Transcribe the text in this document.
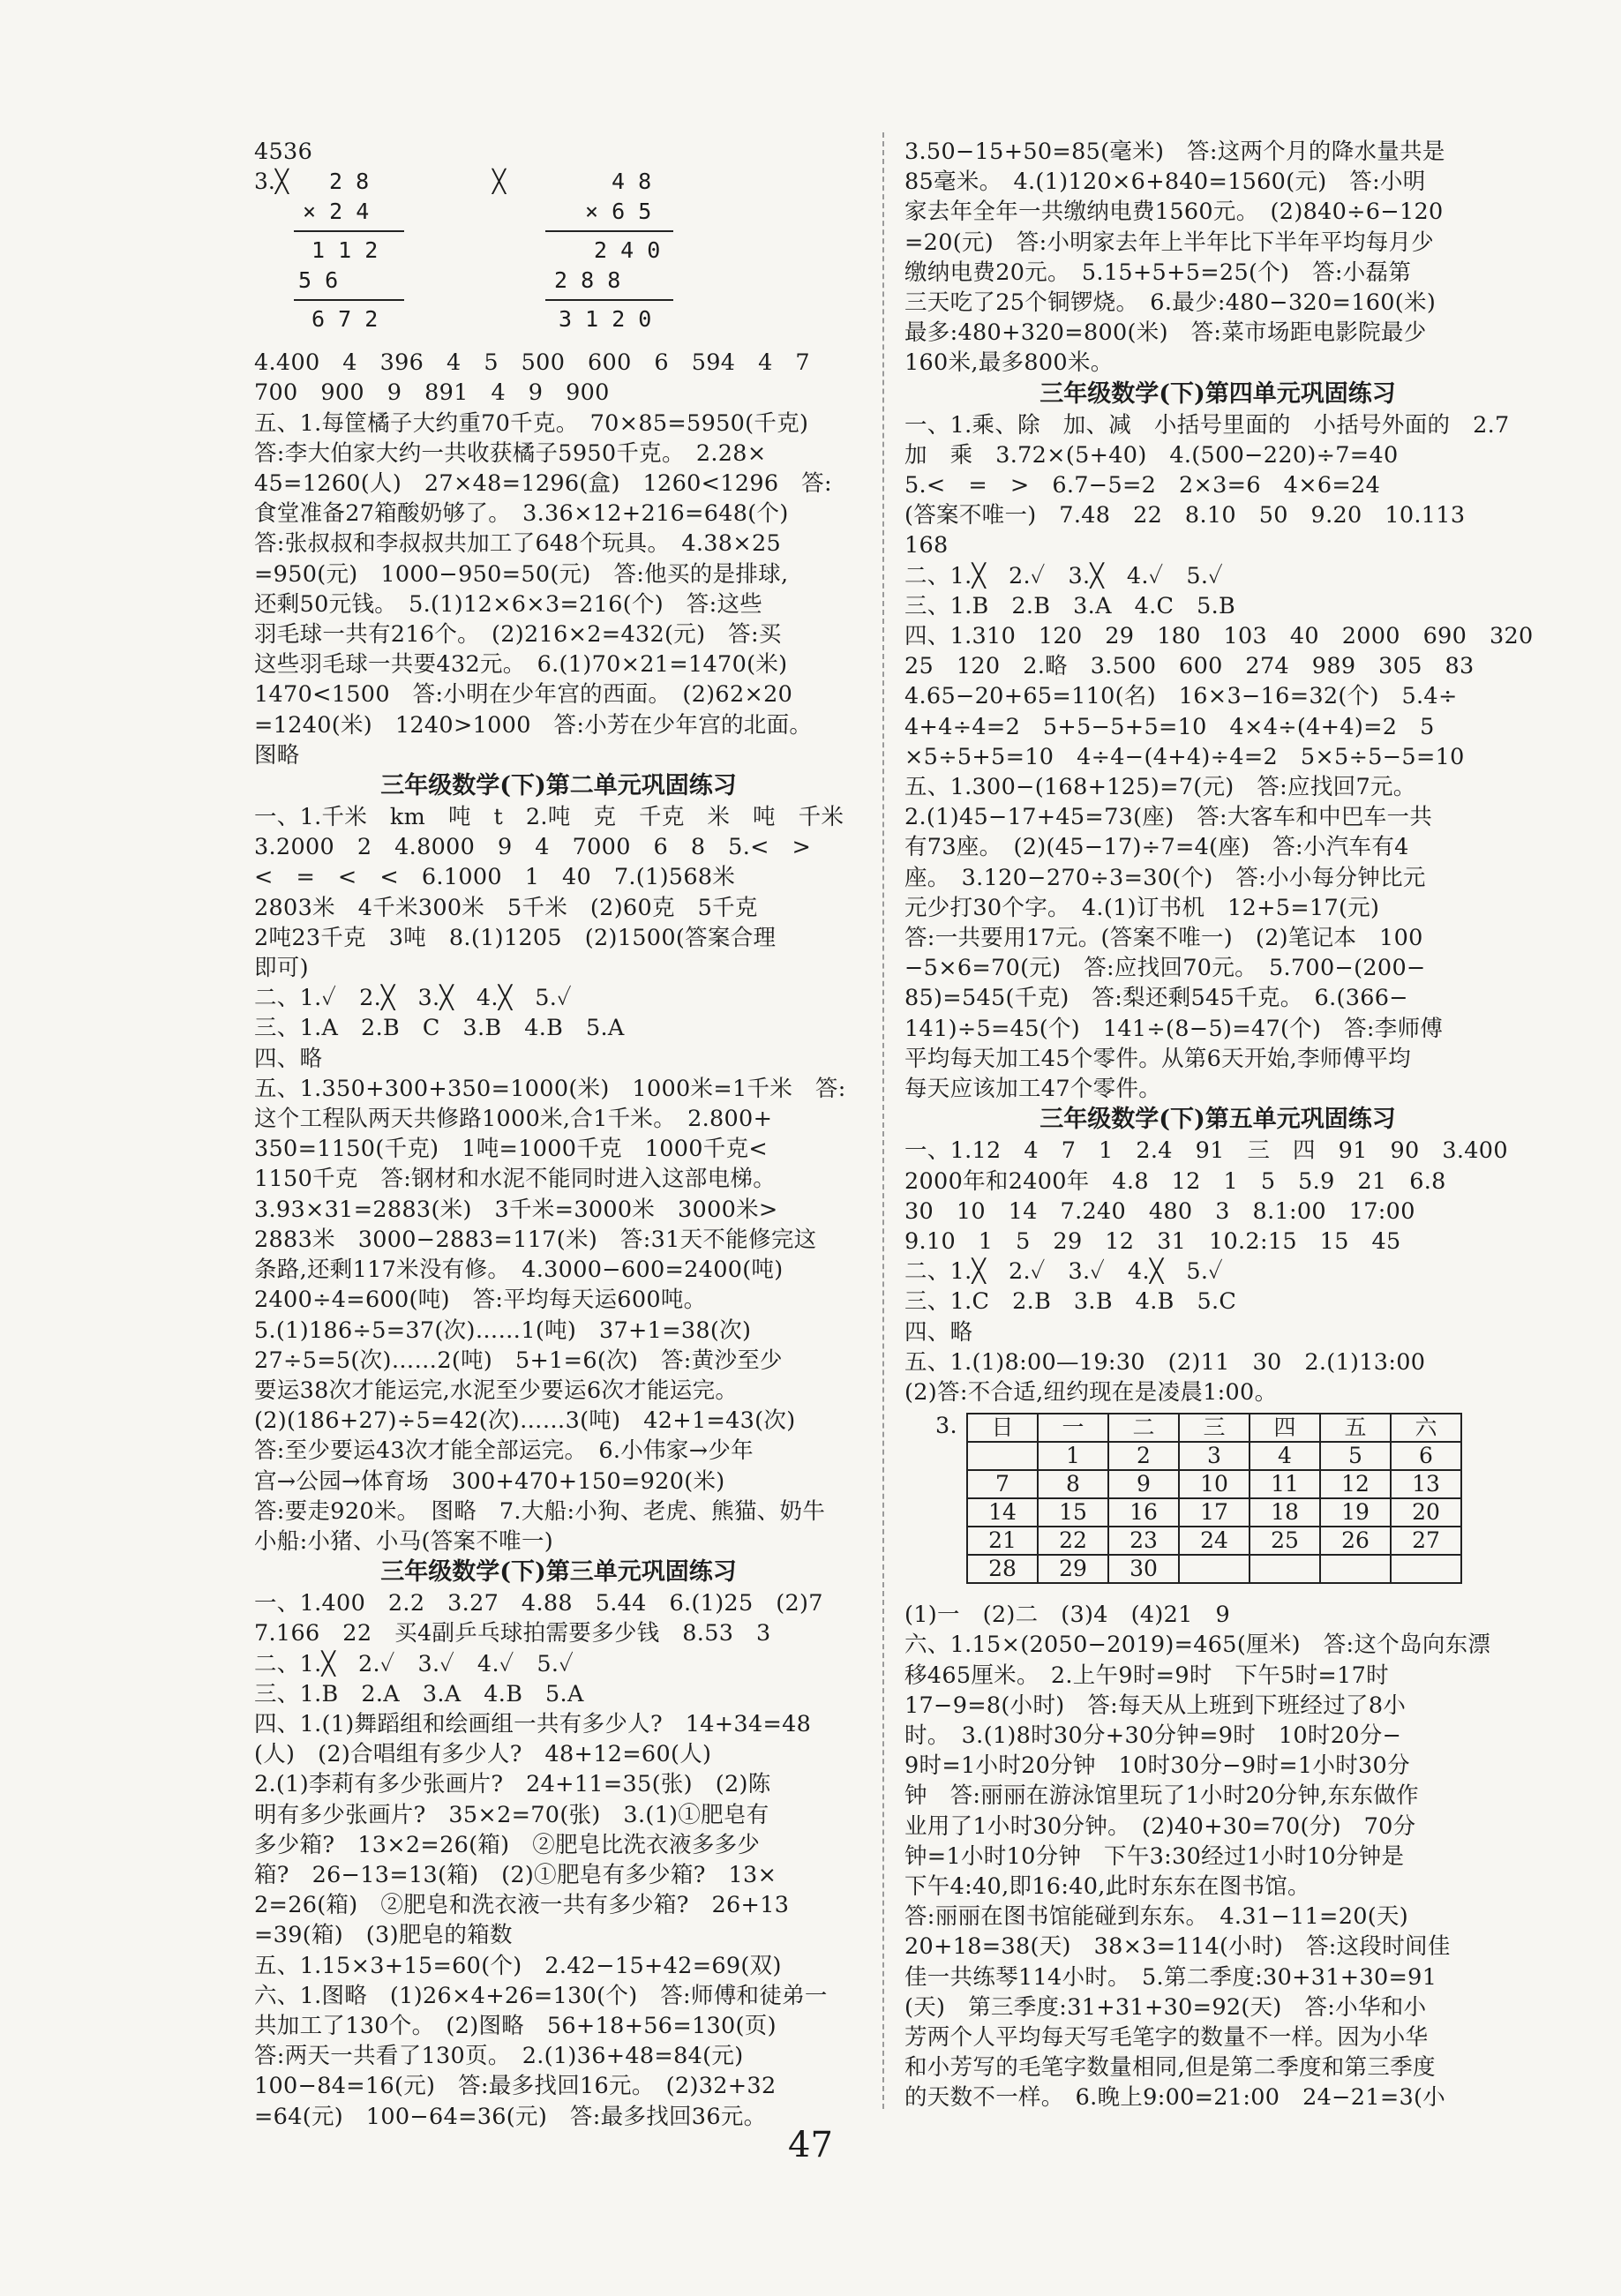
4536
3.╳ 2 8
× 2 4
1 1 2
5 6
6 7 2
╳	4 8
× 6 5
2 4 0
2 8 8
3 1 2 0
4.400　4　396　4　5　500　600　6　594　4　7
700　900　9　891　4　9　900
五、1.每筐橘子大约重70千克。　70×85=5950(千克)
答:李大伯家大约一共收获橘子5950千克。　2.28×
45=1260(人)　27×48=1296(盒)　1260<1296　答:
食堂准备27箱酸奶够了。　3.36×12+216=648(个)
答:张叔叔和李叔叔共加工了648个玩具。　4.38×25
=950(元)　1000−950=50(元)　答:他买的是排球,
还剩50元钱。　5.(1)12×6×3=216(个)　答:这些
羽毛球一共有216个。　(2)216×2=432(元)　答:买
这些羽毛球一共要432元。　6.(1)70×21=1470(米)
1470<1500　答:小明在少年宫的西面。　(2)62×20
=1240(米)　1240>1000　答:小芳在少年宫的北面。
图略
三年级数学(下)第二单元巩固练习
一、1.千米　km　吨　t　2.吨　克　千克　米　吨　千米
3.2000　2　4.8000　9　4　7000　6　8　5.<　>
<　=　<　<　6.1000　1　40　7.(1)568米
2803米　4千米300米　5千米　(2)60克　5千克
2吨23千克　3吨　8.(1)1205　(2)1500(答案合理
即可)
二、1.✓　2.╳　3.╳　4.╳　5.✓
三、1.A　2.B　C　3.B　4.B　5.A
四、略
五、1.350+300+350=1000(米)　1000米=1千米　答:
这个工程队两天共修路1000米,合1千米。　2.800+
350=1150(千克)　1吨=1000千克　1000千克<
1150千克　答:钢材和水泥不能同时进入这部电梯。
3.93×31=2883(米)　3千米=3000米　3000米>
2883米　3000−2883=117(米)　答:31天不能修完这
条路,还剩117米没有修。　4.3000−600=2400(吨)
2400÷4=600(吨)　答:平均每天运600吨。
5.(1)186÷5=37(次)……1(吨)　37+1=38(次)
27÷5=5(次)……2(吨)　5+1=6(次)　答:黄沙至少
要运38次才能运完,水泥至少要运6次才能运完。
(2)(186+27)÷5=42(次)……3(吨)　42+1=43(次)
答:至少要运43次才能全部运完。　6.小伟家→少年
宫→公园→体育场　300+470+150=920(米)
答:要走920米。　图略　7.大船:小狗、老虎、熊猫、奶牛
小船:小猪、小马(答案不唯一)
三年级数学(下)第三单元巩固练习
一、1.400　2.2　3.27　4.88　5.44　6.(1)25　(2)7
7.166　22　买4副乒乓球拍需要多少钱　8.53　3
二、1.╳　2.✓　3.✓　4.✓　5.✓
三、1.B　2.A　3.A　4.B　5.A
四、1.(1)舞蹈组和绘画组一共有多少人?　14+34=48
(人)　(2)合唱组有多少人?　48+12=60(人)
2.(1)李莉有多少张画片?　24+11=35(张)　(2)陈
明有多少张画片?　35×2=70(张)　3.(1)①肥皂有
多少箱?　13×2=26(箱)　②肥皂比洗衣液多多少
箱?　26−13=13(箱)　(2)①肥皂有多少箱?　13×
2=26(箱)　②肥皂和洗衣液一共有多少箱?　26+13
=39(箱)　(3)肥皂的箱数
五、1.15×3+15=60(个)　2.42−15+42=69(双)
六、1.图略　(1)26×4+26=130(个)　答:师傅和徒弟一
共加工了130个。　(2)图略　56+18+56=130(页)
答:两天一共看了130页。　2.(1)36+48=84(元)
100−84=16(元)　答:最多找回16元。　(2)32+32
=64(元)　100−64=36(元)　答:最多找回36元。
3.50−15+50=85(毫米)　答:这两个月的降水量共是
85毫米。　4.(1)120×6+840=1560(元)　答:小明
家去年全年一共缴纳电费1560元。　(2)840÷6−120
=20(元)　答:小明家去年上半年比下半年平均每月少
缴纳电费20元。　5.15+5+5=25(个)　答:小磊第
三天吃了25个铜锣烧。　6.最少:480−320=160(米)
最多:480+320=800(米)　答:菜市场距电影院最少
160米,最多800米。
三年级数学(下)第四单元巩固练习
一、1.乘、除　加、减　小括号里面的　小括号外面的　2.7
加　乘　3.72×(5+40)　4.(500−220)÷7=40
5.<　=　>　6.7−5=2　2×3=6　4×6=24
(答案不唯一)　7.48　22　8.10　50　9.20　10.113
168
二、1.╳　2.✓　3.╳　4.✓　5.✓
三、1.B　2.B　3.A　4.C　5.B
四、1.310　120　29　180　103　40　2000　690　320
25　120　2.略　3.500　600　274　989　305　83
4.65−20+65=110(名)　16×3−16=32(个)　5.4÷
4+4÷4=2　5+5−5+5=10　4×4÷(4+4)=2　5
×5÷5+5=10　4÷4−(4+4)÷4=2　5×5÷5−5=10
五、1.300−(168+125)=7(元)　答:应找回7元。
2.(1)45−17+45=73(座)　答:大客车和中巴车一共
有73座。　(2)(45−17)÷7=4(座)　答:小汽车有4
座。　3.120−270÷3=30(个)　答:小小每分钟比元
元少打30个字。　4.(1)订书机　12+5=17(元)
答:一共要用17元。(答案不唯一)　(2)笔记本　100
−5×6=70(元)　答:应找回70元。　5.700−(200−
85)=545(千克)　答:梨还剩545千克。　6.(366−
141)÷5=45(个)　141÷(8−5)=47(个)　答:李师傅
平均每天加工45个零件。从第6天开始,李师傅平均
每天应该加工47个零件。
三年级数学(下)第五单元巩固练习
一、1.12　4　7　1　2.4　91　三　四　91　90　3.400
2000年和2400年　4.8　12　1　5　5.9　21　6.8
30　10　14　7.240　480　3　8.1:00　17:00
9.10　1　5　29　12　31　10.2:15　15　45
二、1.╳　2.✓　3.✓　4.╳　5.✓
三、1.C　2.B　3.B　4.B　5.C
四、略
五、1.(1)8:00—19:30　(2)11　30　2.(1)13:00
(2)答:不合适,纽约现在是凌晨1:00。
3. 日	一	二	三	四	五	六
	1	2	3	4	5	6
7	8	9	10	11	12	13
14	15	16	17	18	19	20
21	22	23	24	25	26	27
28	29	30				
(1)一　(2)二　(3)4　(4)21　9
六、1.15×(2050−2019)=465(厘米)　答:这个岛向东漂
移465厘米。　2.上午9时=9时　下午5时=17时
17−9=8(小时)　答:每天从上班到下班经过了8小
时。　3.(1)8时30分+30分钟=9时　10时20分−
9时=1小时20分钟　10时30分−9时=1小时30分
钟　答:丽丽在游泳馆里玩了1小时20分钟,东东做作
业用了1小时30分钟。　(2)40+30=70(分)　70分
钟=1小时10分钟　下午3:30经过1小时10分钟是
下午4:40,即16:40,此时东东在图书馆。
答:丽丽在图书馆能碰到东东。　4.31−11=20(天)
20+18=38(天)　38×3=114(小时)　答:这段时间佳
佳一共练琴114小时。　5.第二季度:30+31+30=91
(天)　第三季度:31+31+30=92(天)　答:小华和小
芳两个人平均每天写毛笔字的数量不一样。因为小华
和小芳写的毛笔字数量相同,但是第二季度和第三季度
的天数不一样。　6.晚上9:00=21:00　24−21=3(小
47
